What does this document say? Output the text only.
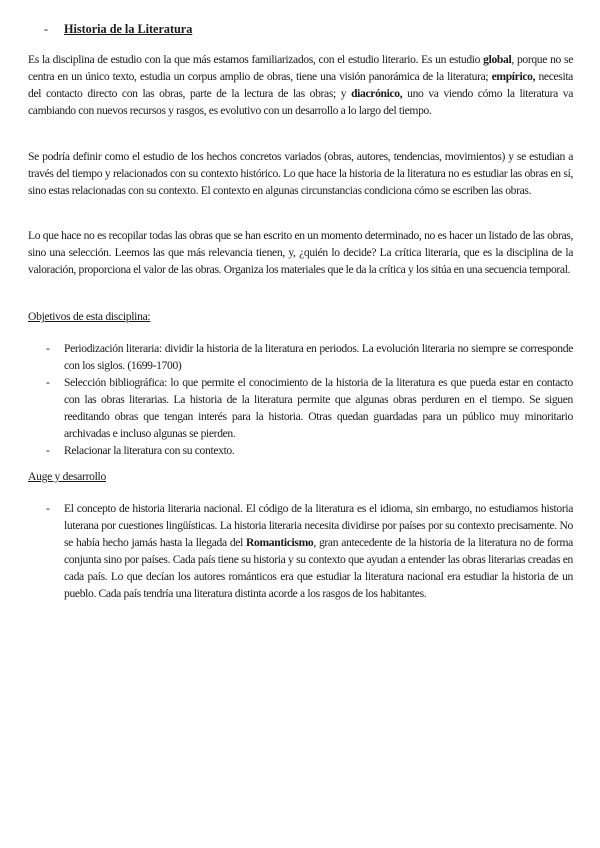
- Historia de la Literatura

Es la disciplina de estudio con la que más estamos familiarizados, con el estudio literario. Es un estudio global, porque no se centra en un único texto, estudia un corpus amplio de obras, tiene una visión panorámica de la literatura; empírico, necesita del contacto directo con las obras, parte de la lectura de las obras; y diacrónico, uno va viendo cómo la literatura va cambiando con nuevos recursos y rasgos, es evolutivo con un desarrollo a lo largo del tiempo.

Se podría definir como el estudio de los hechos concretos variados (obras, autores, tendencias, movimientos) y se estudian a través del tiempo y relacionados con su contexto histórico. Lo que hace la historia de la literatura no es estudiar las obras en sí, sino estas relacionadas con su contexto. El contexto en algunas circunstancias condiciona cómo se escriben las obras.

Lo que hace no es recopilar todas las obras que se han escrito en un momento determinado, no es hacer un listado de las obras, sino una selección. Leemos las que más relevancia tienen, y, ¿quién lo decide? La crítica literaria, que es la disciplina de la valoración, proporciona el valor de las obras. Organiza los materiales que le da la crítica y los sitúa en una secuencia temporal.

Objetivos de esta disciplina:

- Periodización literaria: dividir la historia de la literatura en periodos. La evolución literaria no siempre se corresponde con los siglos. (1699-1700)
- Selección bibliográfica: lo que permite el conocimiento de la historia de la literatura es que pueda estar en contacto con las obras literarias. La historia de la literatura permite que algunas obras perduren en el tiempo. Se siguen reeditando obras que tengan interés para la historia. Otras quedan guardadas para un público muy minoritario archivadas e incluso algunas se pierden.
- Relacionar la literatura con su contexto.

Auge y desarrollo

- El concepto de historia literaria nacional. El código de la literatura es el idioma, sin embargo, no estudiamos historia luterana por cuestiones lingüísticas. La historia literaria necesita dividirse por países por su contexto precisamente. No se había hecho jamás hasta la llegada del Romanticismo, gran antecedente de la historia de la literatura no de forma conjunta sino por países. Cada país tiene su historia y su contexto que ayudan a entender las obras literarias creadas en cada país. Lo que decían los autores románticos era que estudiar la literatura nacional era estudiar la historia de un pueblo. Cada país tendría una literatura distinta acorde a los rasgos de los habitantes.
